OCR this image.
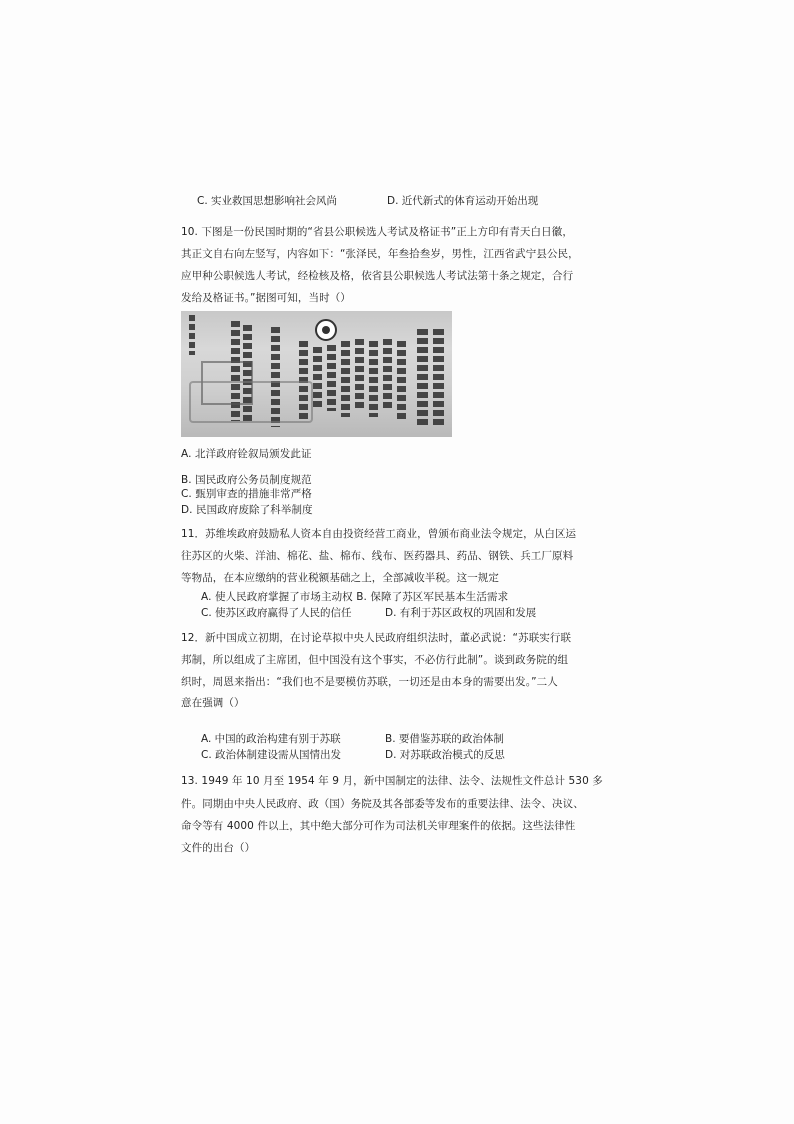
C. 实业救国思想影响社会风尚	D. 近代新式的体育运动开始出现
10. 下图是一份民国时期的“省县公职候选人考试及格证书”正上方印有青天白日徽，
其正文自右向左竖写，内容如下：“张泽民，年叁拾叁岁，男性，江西省武宁县公民，
应甲种公职候选人考试，经检核及格，依省县公职候选人考试法第十条之规定，合行
发给及格证书。”据图可知，当时（）
A. 北洋政府铨叙局颁发此证
B. 国民政府公务员制度规范
C. 甄别审查的措施非常严格
D. 民国政府废除了科举制度
11．苏维埃政府鼓励私人资本自由投资经营工商业，曾颁布商业法令规定，从白区运
往苏区的火柴、洋油、棉花、盐、棉布、线布、医药器具、药品、钢铁、兵工厂原料
等物品，在本应缴纳的营业税额基础之上，全部减收半税。这一规定
A. 使人民政府掌握了市场主动权 B. 保障了苏区军民基本生活需求
C. 使苏区政府赢得了人民的信任	D. 有利于苏区政权的巩固和发展
12．新中国成立初期，在讨论草拟中央人民政府组织法时，董必武说：“苏联实行联
邦制，所以组成了主席团，但中国没有这个事实，不必仿行此制”。谈到政务院的组
织时，周恩来指出：“我们也不是要模仿苏联，一切还是由本身的需要出发。”二人
意在强调（）
A. 中国的政治构建有别于苏联	B. 要借鉴苏联的政治体制
C. 政治体制建设需从国情出发	D. 对苏联政治模式的反思
13. 1949 年 10 月至 1954 年 9 月，新中国制定的法律、法令、法规性文件总计 530 多
件。同期由中央人民政府、政（国）务院及其各部委等发布的重要法律、法令、决议、
命令等有 4000 件以上，其中绝大部分可作为司法机关审理案件的依据。这些法律性
文件的出台（）
